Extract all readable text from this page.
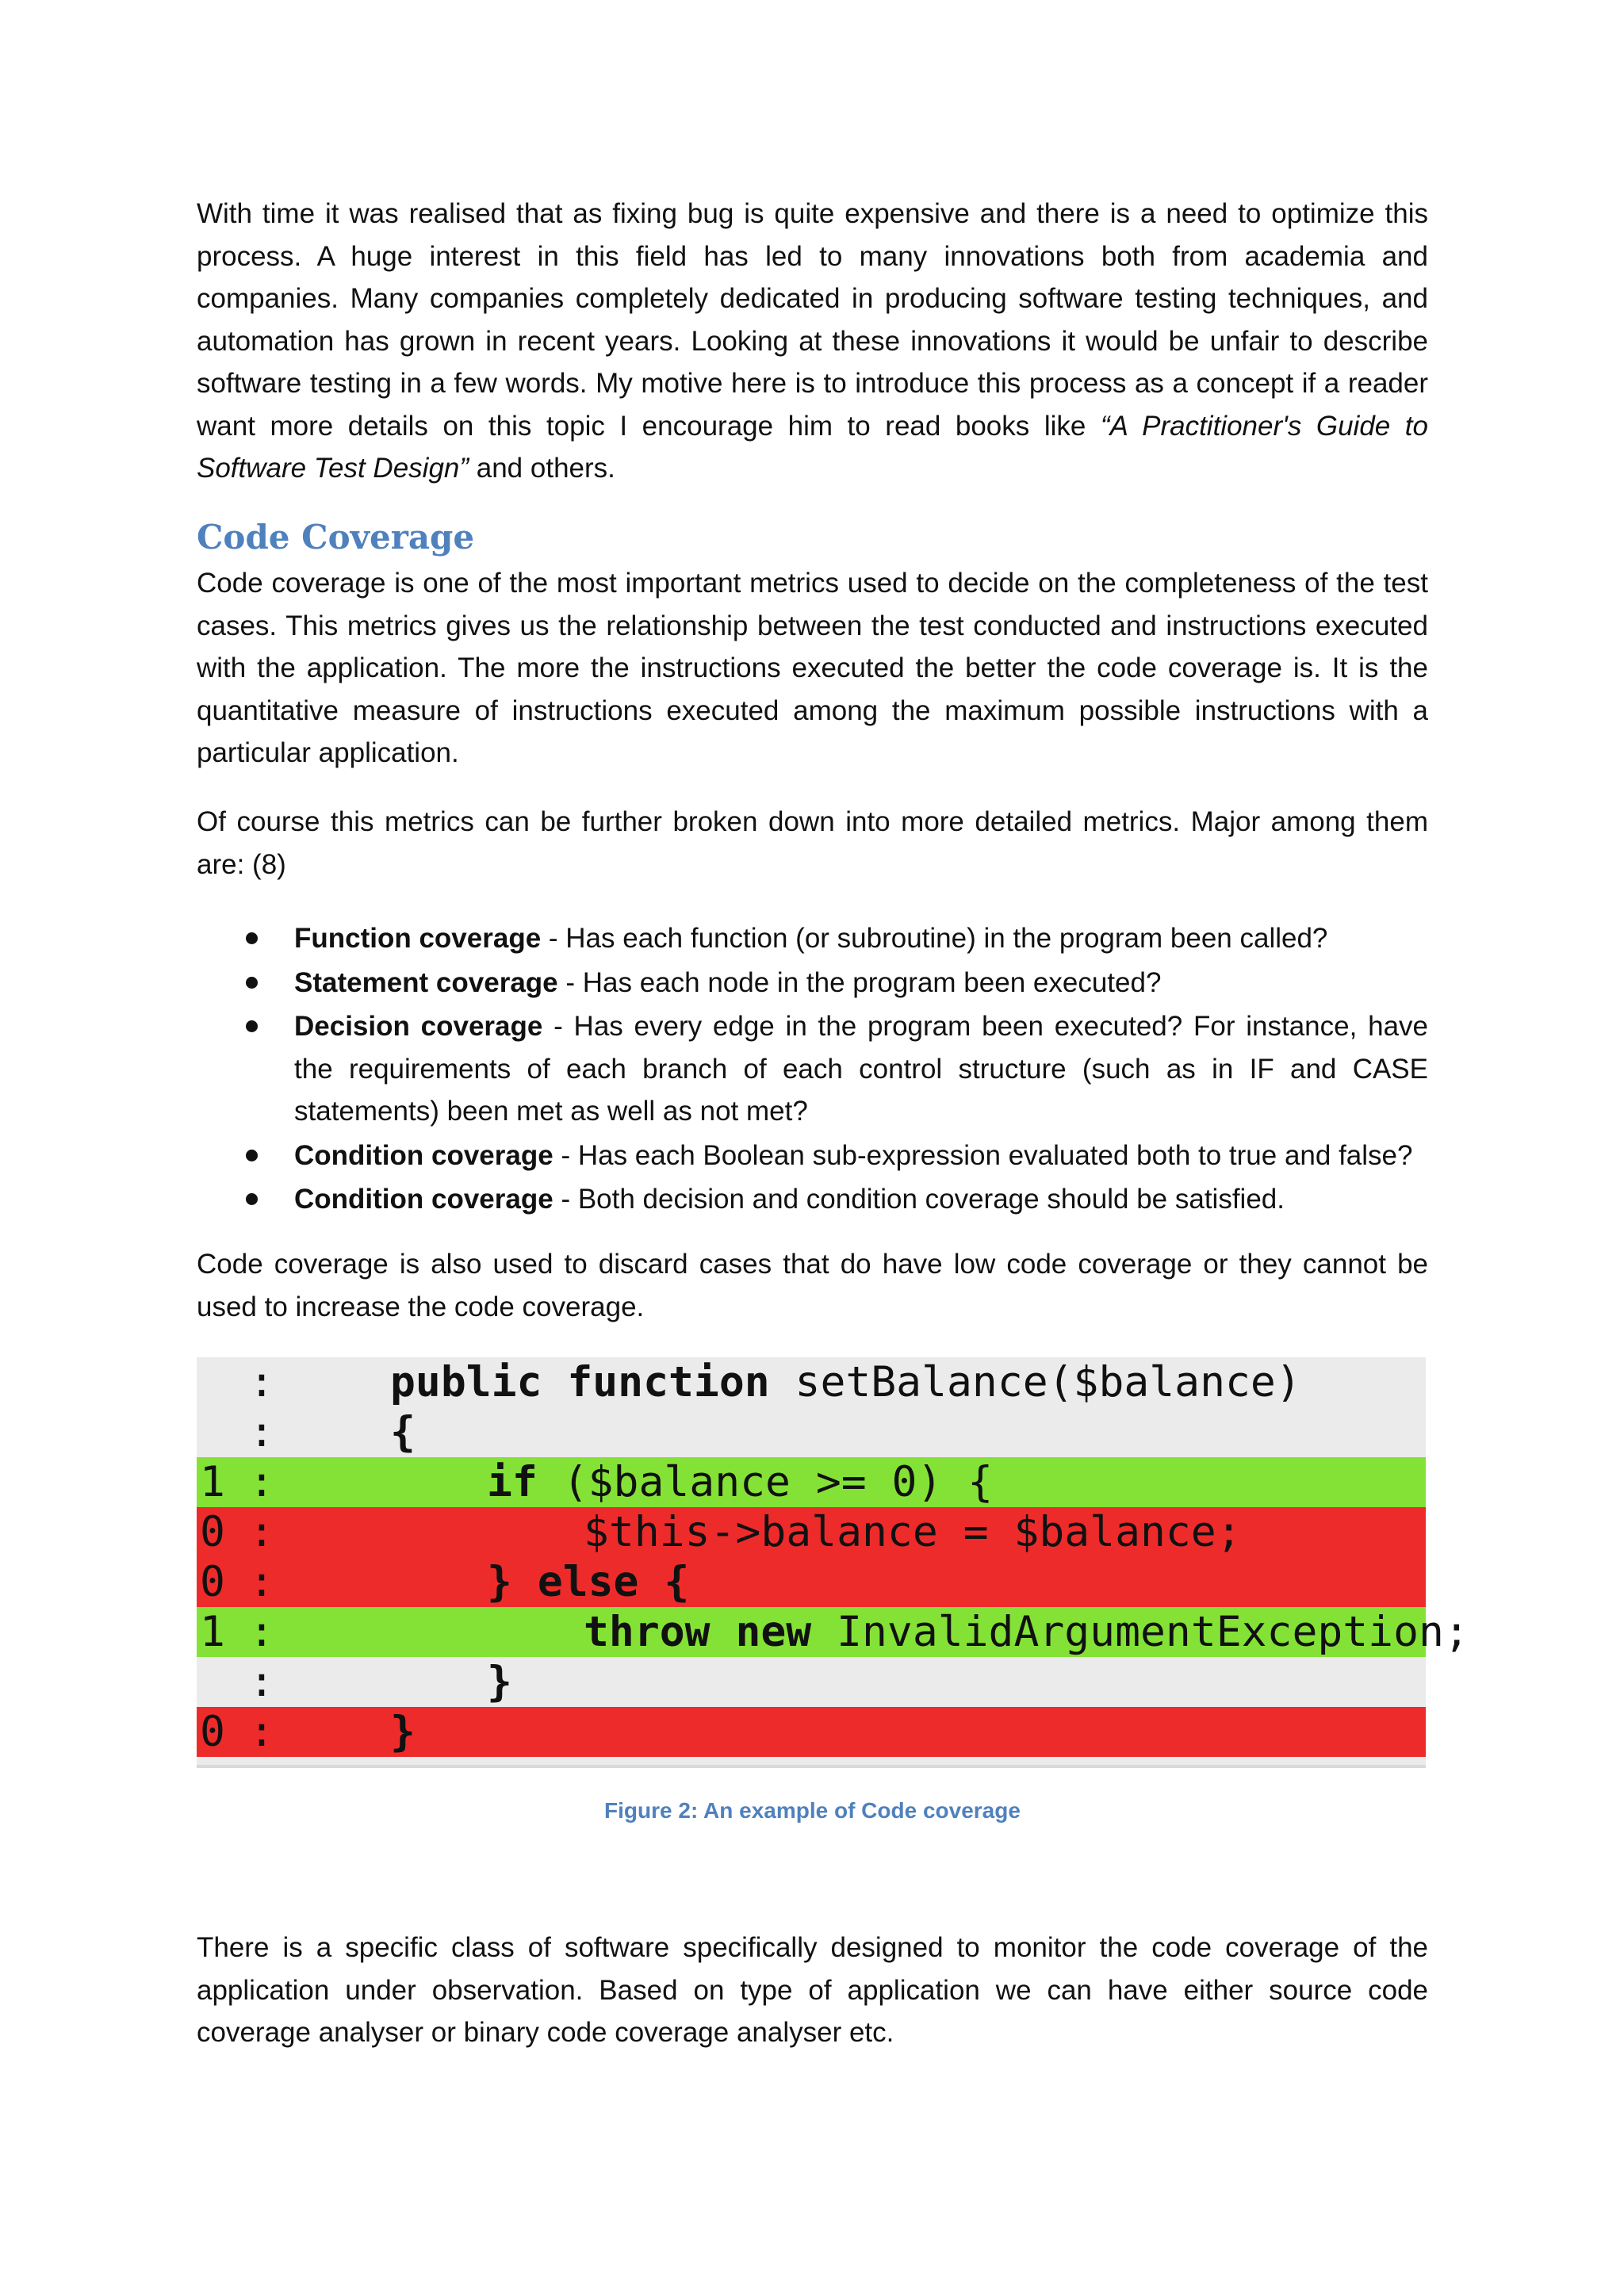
With time it was realised that as fixing bug is quite expensive and there is a need to optimize this process. A huge interest in this field has led to many innovations both from academia and companies. Many companies completely dedicated in producing software testing techniques, and automation has grown in recent years. Looking at these innovations it would be unfair to describe software testing in a few words. My motive here is to introduce this process as a concept if a reader want more details on this topic I encourage him to read books like “A Practitioner's Guide to Software Test Design” and others.

Code Coverage

Code coverage is one of the most important metrics used to decide on the completeness of the test cases. This metrics gives us the relationship between the test conducted and instructions executed with the application. The more the instructions executed the better the code coverage is. It is the quantitative measure of instructions executed among the maximum possible instructions with a particular application.

Of course this metrics can be further broken down into more detailed metrics. Major among them are: (8)

Function coverage - Has each function (or subroutine) in the program been called?
Statement coverage - Has each node in the program been executed?
Decision coverage - Has every edge in the program been executed? For instance, have the requirements of each branch of each control structure (such as in IF and CASE statements) been met as well as not met?
Condition coverage - Has each Boolean sub-expression evaluated both to true and false?
Condition coverage - Both decision and condition coverage should be satisfied.

Code coverage is also used to discard cases that do have low code coverage or they cannot be used to increase the code coverage.

:	public function setBalance($balance)
:	{
1 :	if ($balance >= 0) {
0 :	$this->balance = $balance;
0 :	} else {
1 :	throw new InvalidArgumentException;
:	}
0 :	}

Figure 2: An example of Code coverage

There is a specific class of software specifically designed to monitor the code coverage of the application under observation. Based on type of application we can have either source code coverage analyser or binary code coverage analyser etc.
